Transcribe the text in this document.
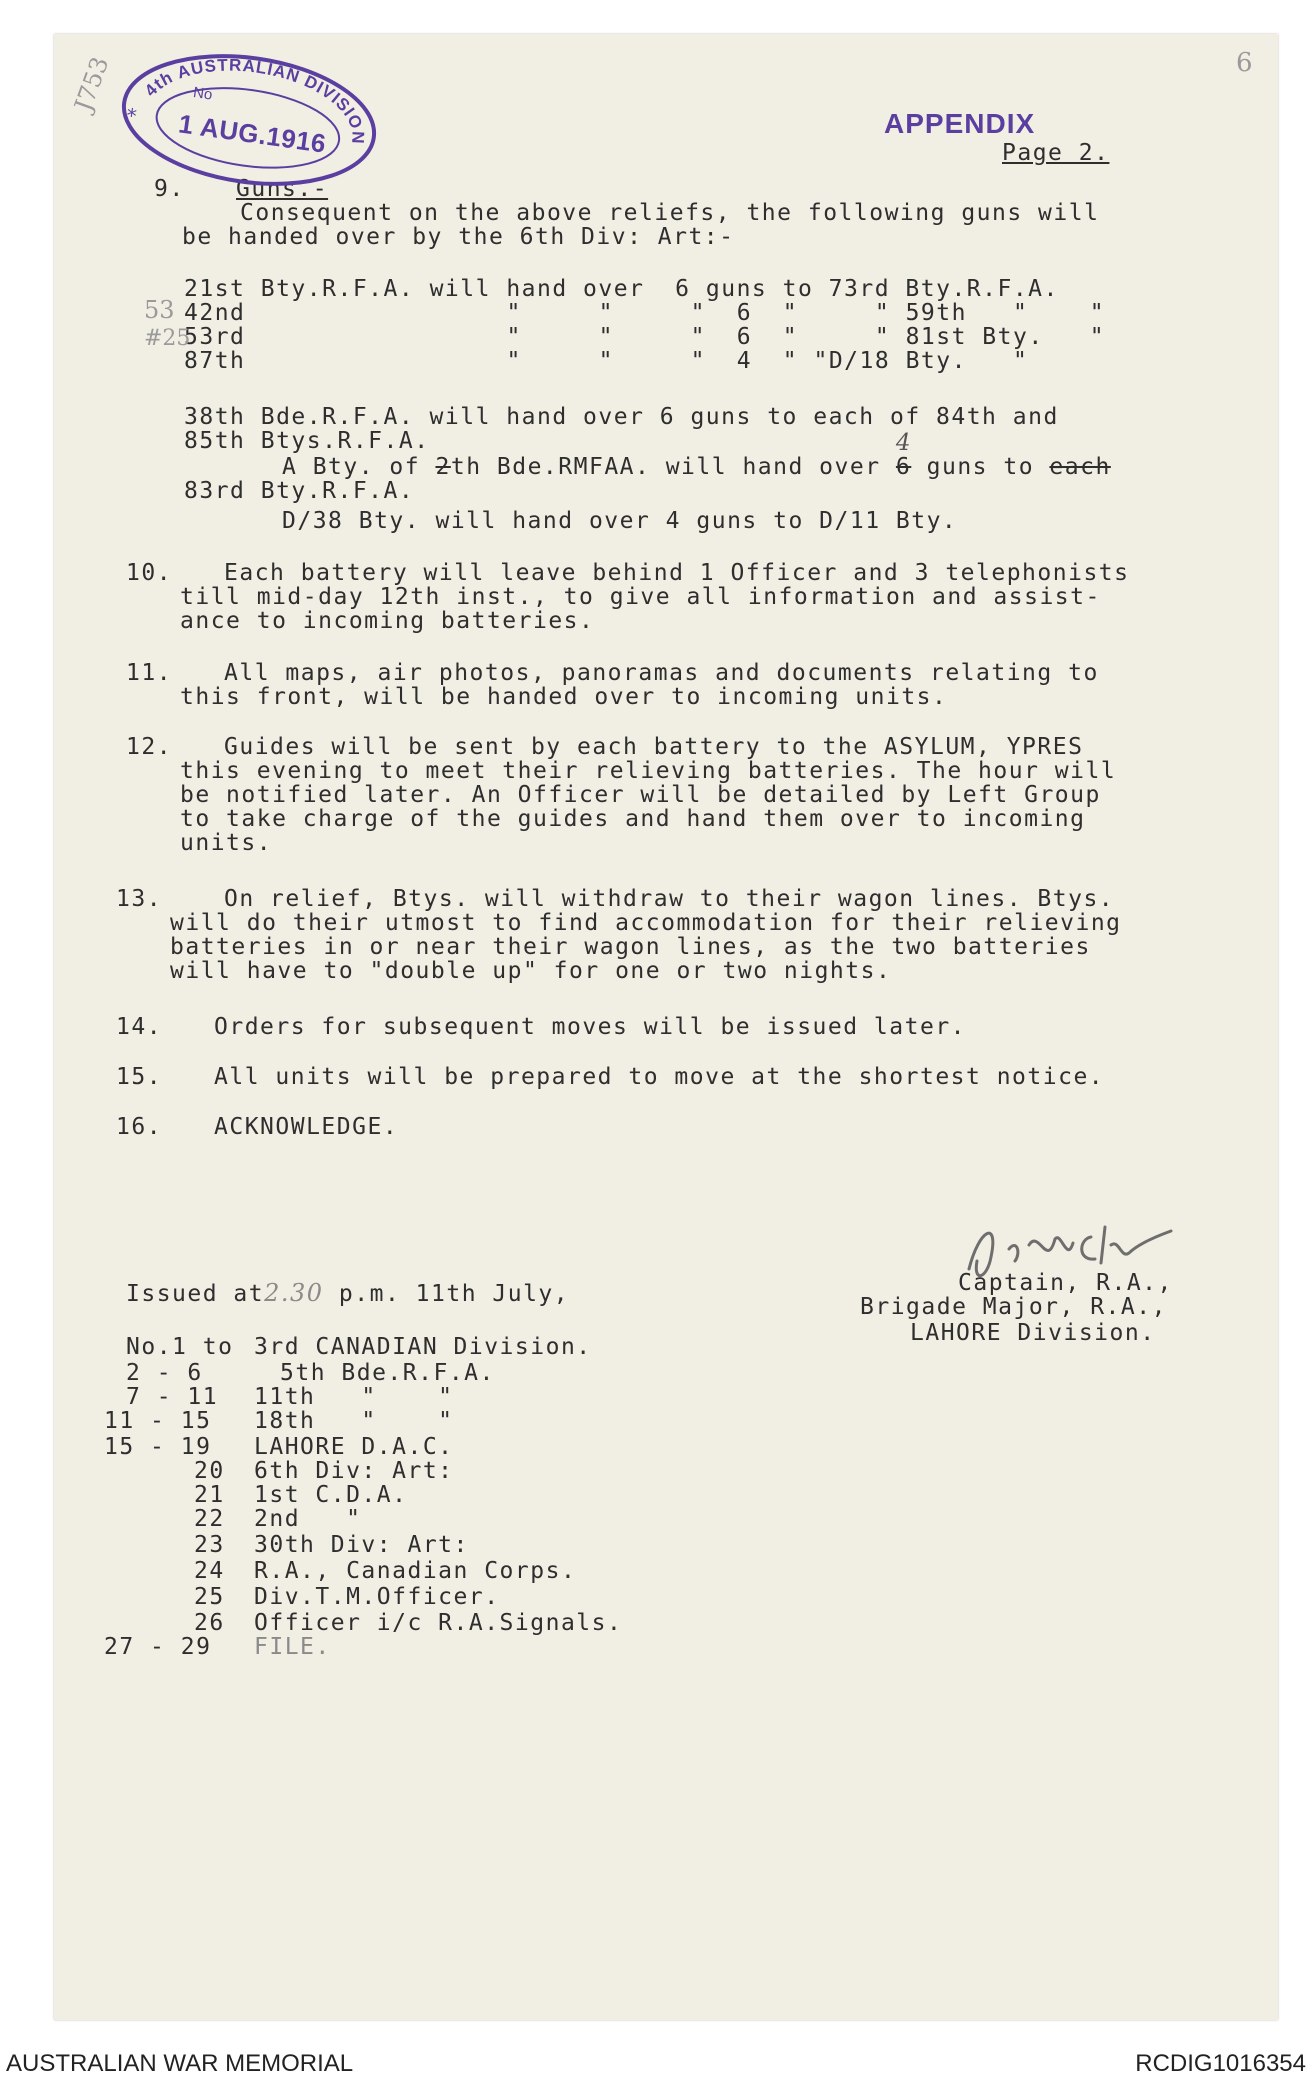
J753	6
APPENDIX
Page 2.
9. Guns.-
Consequent on the above reliefs, the following guns will
be handed over by the 6th Div: Art:-
21st Bty.R.F.A. will hand over 6 guns to 73rd Bty.R.F.A.
42nd	"     "     " 6 "     " 59th   "    "
53rd	"     "     " 6 "     " 81st Bty.   "
87th	"     "     " 4 " "D/18 Bty.   "
53
#25
38th Bde.R.F.A. will hand over 6 guns to each of 84th and
85th Btys.R.F.A.
A Bty. of 2th Bde.RMFAA. will hand over 6
4
guns to each
83rd Bty.R.F.A.
D/38 Bty. will hand over 4 guns to D/11 Bty.
10. Each battery will leave behind 1 Officer and 3 telephonists
till mid-day 12th inst., to give all information and assist-
ance to incoming batteries.
11. All maps, air photos, panoramas and documents relating to
this front, will be handed over to incoming units.
12. Guides will be sent by each battery to the ASYLUM, YPRES
this evening to meet their relieving batteries. The hour will
be notified later. An Officer will be detailed by Left Group
to take charge of the guides and hand them over to incoming
units.
13.	On relief, Btys. will withdraw to their wagon lines. Btys.
will do their utmost to find accommodation for their relieving
batteries in or near their wagon lines, as the two batteries
will have to "double up" for one or two nights.
14. Orders for subsequent moves will be issued later.
15. All units will be prepared to move at the shortest notice.
16. ACKNOWLEDGE.
Captain, R.A.,
Brigade Major, R.A.,
LAHORE Division.
Issued at2.30 p.m. 11th July,
No.1 to 3rd CANADIAN Division.
2 - 6	5th Bde.R.F.A.
7 - 11 11th   "    "
11 - 15 18th   "    "
15 - 19 LAHORE D.A.C.
20 6th Div: Art:
21 1st C.D.A.
22 2nd   "
23 30th Div: Art:
24 R.A., Canadian Corps.
25 Div.T.M.Officer.
26 Officer i/c R.A.Signals.
27 - 29 FILE.
4th AUSTRALIAN DIVISION
No
* 1 AUG.1916
AUSTRALIAN WAR MEMORIAL	RCDIG1016354
